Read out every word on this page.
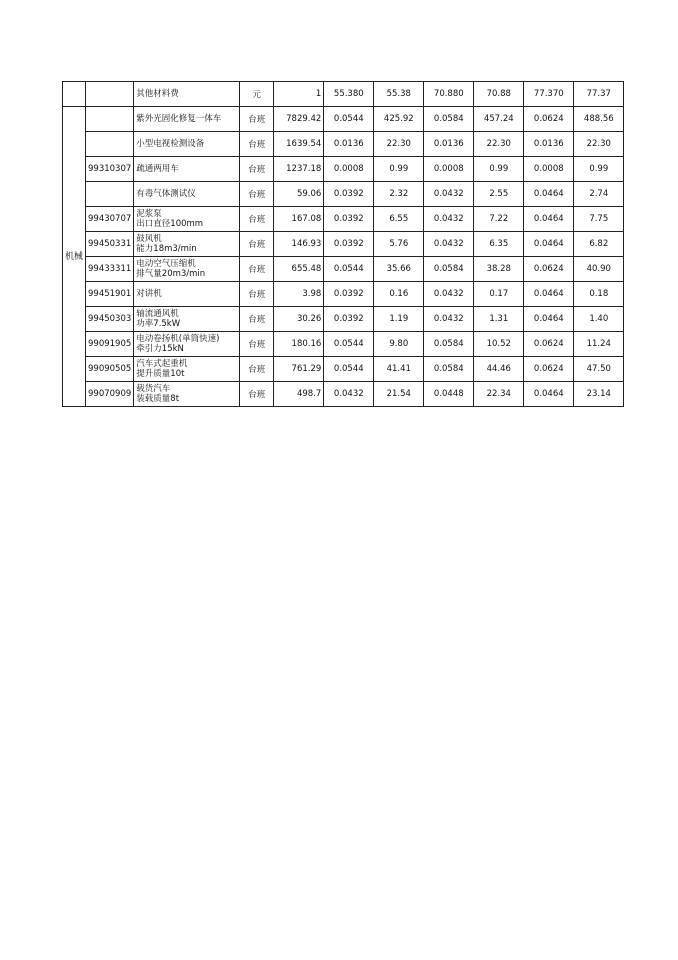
		其他材料费	元	1	55.380	55.38	70.880	70.88	77.370	77.37
机械		紫外光固化修复一体车	台班	7829.42	0.0544	425.92	0.0584	457.24	0.0624	488.56

		小型电视检测设备	台班	1639.54	0.0136	22.30	0.0136	22.30	0.0136	22.30
	99310307	疏通两用车	台班	1237.18	0.0008	0.99	0.0008	0.99	0.0008	0.99

		有毒气体测试仪	台班	59.06	0.0392	2.32	0.0432	2.55	0.0464	2.74
	99430707	泥浆泵
出口直径100mm	台班	167.08	0.0392	6.55	0.0432	7.22	0.0464	7.75
	99450331	鼓风机
能力18m3/min	台班	146.93	0.0392	5.76	0.0432	6.35	0.0464	6.82
	99433311	电动空气压缩机
排气量20m3/min	台班	655.48	0.0544	35.66	0.0584	38.28	0.0624	40.90
	99451901	对讲机	台班	3.98	0.0392	0.16	0.0432	0.17	0.0464	0.18
	99450303	轴流通风机
功率7.5kW	台班	30.26	0.0392	1.19	0.0432	1.31	0.0464	1.40
	99091905	电动卷扬机(单筒快速)
牵引力15kN	台班	180.16	0.0544	9.80	0.0584	10.52	0.0624	11.24
	99090505	汽车式起重机
提升质量10t	台班	761.29	0.0544	41.41	0.0584	44.46	0.0624	47.50
	99070909	载货汽车
装载质量8t	台班	498.7	0.0432	21.54	0.0448	22.34	0.0464	23.14
